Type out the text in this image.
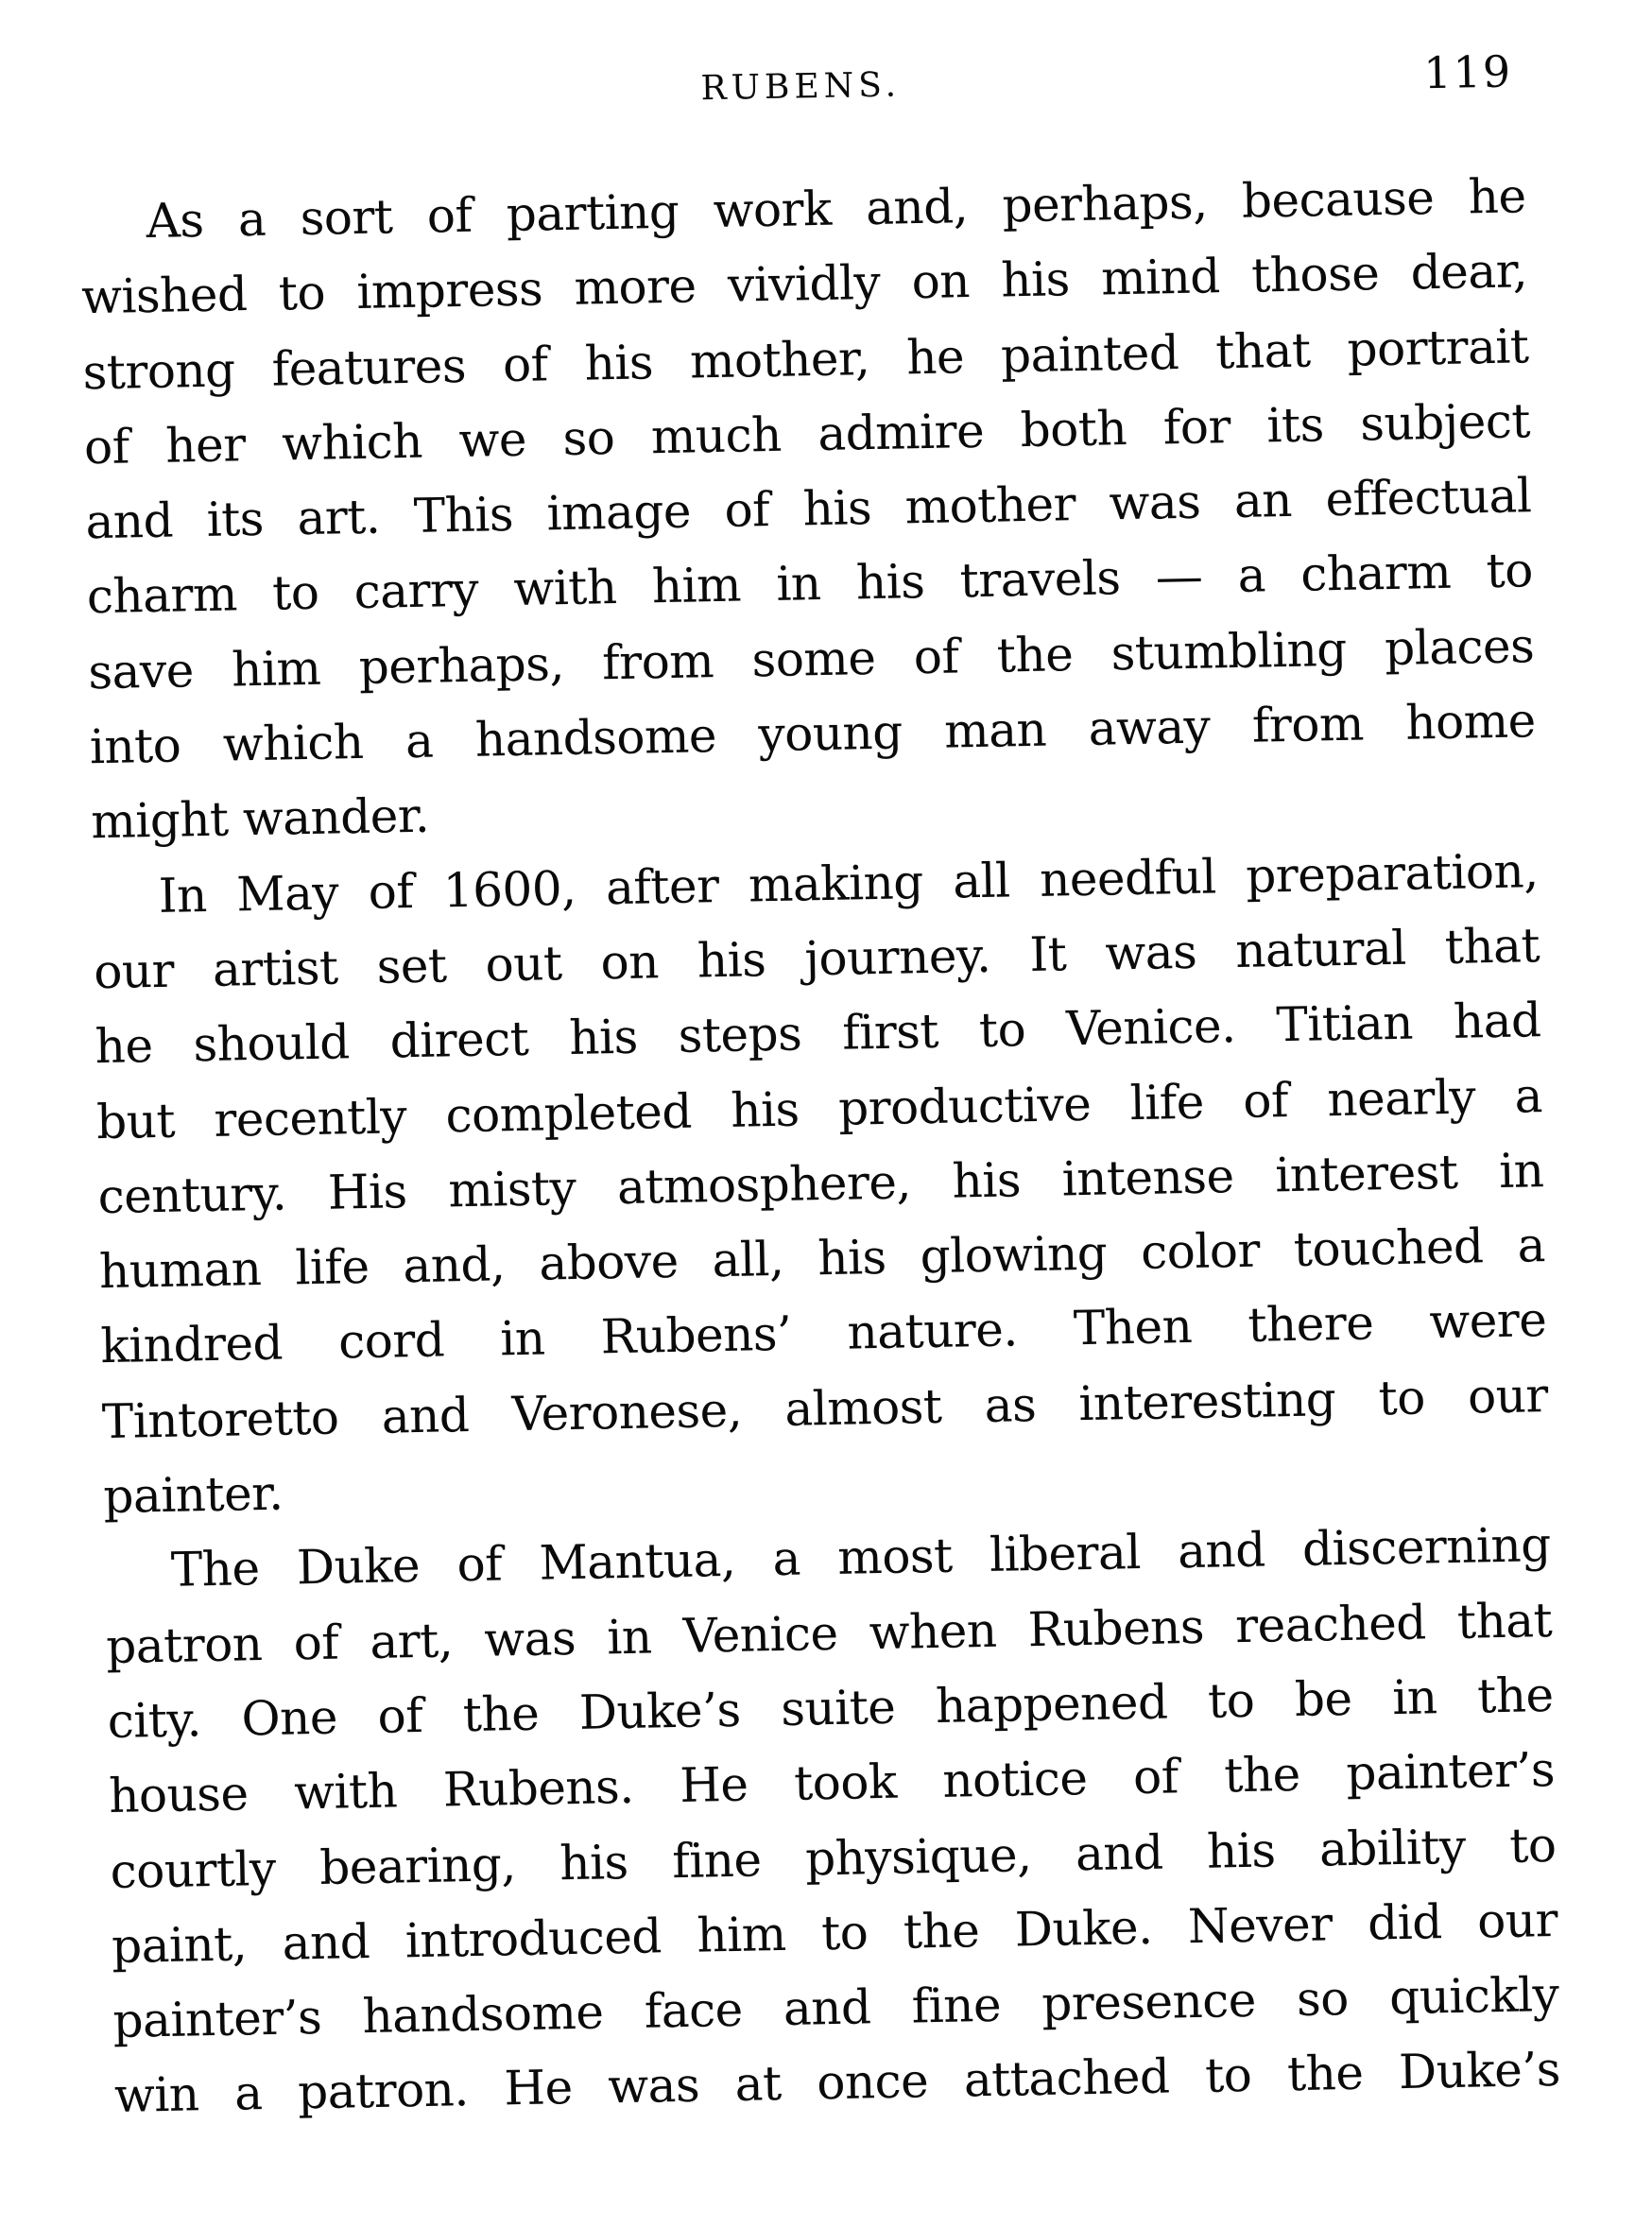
RUBENS.	119
As a sort of parting work and, perhaps, because he
wished to impress more vividly on his mind those dear,
strong features of his mother, he painted that portrait
of her which we so much admire both for its subject
and its art. This image of his mother was an effectual
charm to carry with him in his travels — a charm to
save him perhaps, from some of the stumbling places
into which a handsome young man away from home
might wander.
In May of 1600, after making all needful preparation,
our artist set out on his journey. It was natural that
he should direct his steps first to Venice. Titian had
but recently completed his productive life of nearly a
century. His misty atmosphere, his intense interest in
human life and, above all, his glowing color touched a
kindred cord in Rubens’ nature. Then there were
Tintoretto and Veronese, almost as interesting to our
painter.
The Duke of Mantua, a most liberal and discerning
patron of art, was in Venice when Rubens reached that
city. One of the Duke’s suite happened to be in the
house with Rubens. He took notice of the painter’s
courtly bearing, his fine physique, and his ability to
paint, and introduced him to the Duke. Never did our
painter’s handsome face and fine presence so quickly
win a patron. He was at once attached to the Duke’s
